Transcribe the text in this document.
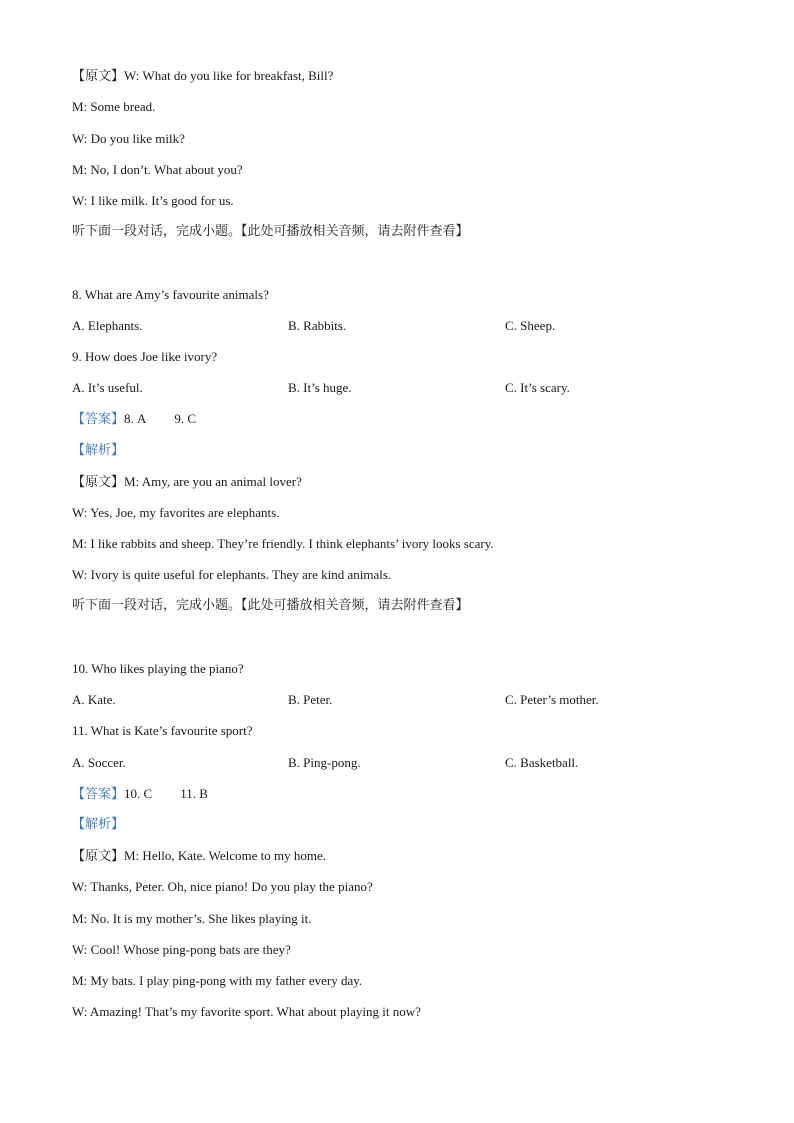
【原文】W: What do you like for breakfast, Bill?
M: Some bread.
W: Do you like milk?
M: No, I don’t. What about you?
W: I like milk. It’s good for us.
听下面一段对话，完成小题。【此处可播放相关音频，请去附件查看】
8. What are Amy’s favourite animals?
A. Elephants.	B. Rabbits.	C. Sheep.
9. How does Joe like ivory?
A. It’s useful.	B. It’s huge.	C. It’s scary.
【答案】8. A 9. C
【解析】
【原文】M: Amy, are you an animal lover?
W: Yes, Joe, my favorites are elephants.
M: I like rabbits and sheep. They’re friendly. I think elephants’ ivory looks scary.
W: Ivory is quite useful for elephants. They are kind animals.
听下面一段对话，完成小题。【此处可播放相关音频，请去附件查看】
10. Who likes playing the piano?
A. Kate.	B. Peter.	C. Peter’s mother.
11. What is Kate’s favourite sport?
A. Soccer.	B. Ping-pong.	C. Basketball.
【答案】10. C 11. B
【解析】
【原文】M: Hello, Kate. Welcome to my home.
W: Thanks, Peter. Oh, nice piano! Do you play the piano?
M: No. It is my mother’s. She likes playing it.
W: Cool! Whose ping-pong bats are they?
M: My bats. I play ping-pong with my father every day.
W: Amazing! That’s my favorite sport. What about playing it now?
